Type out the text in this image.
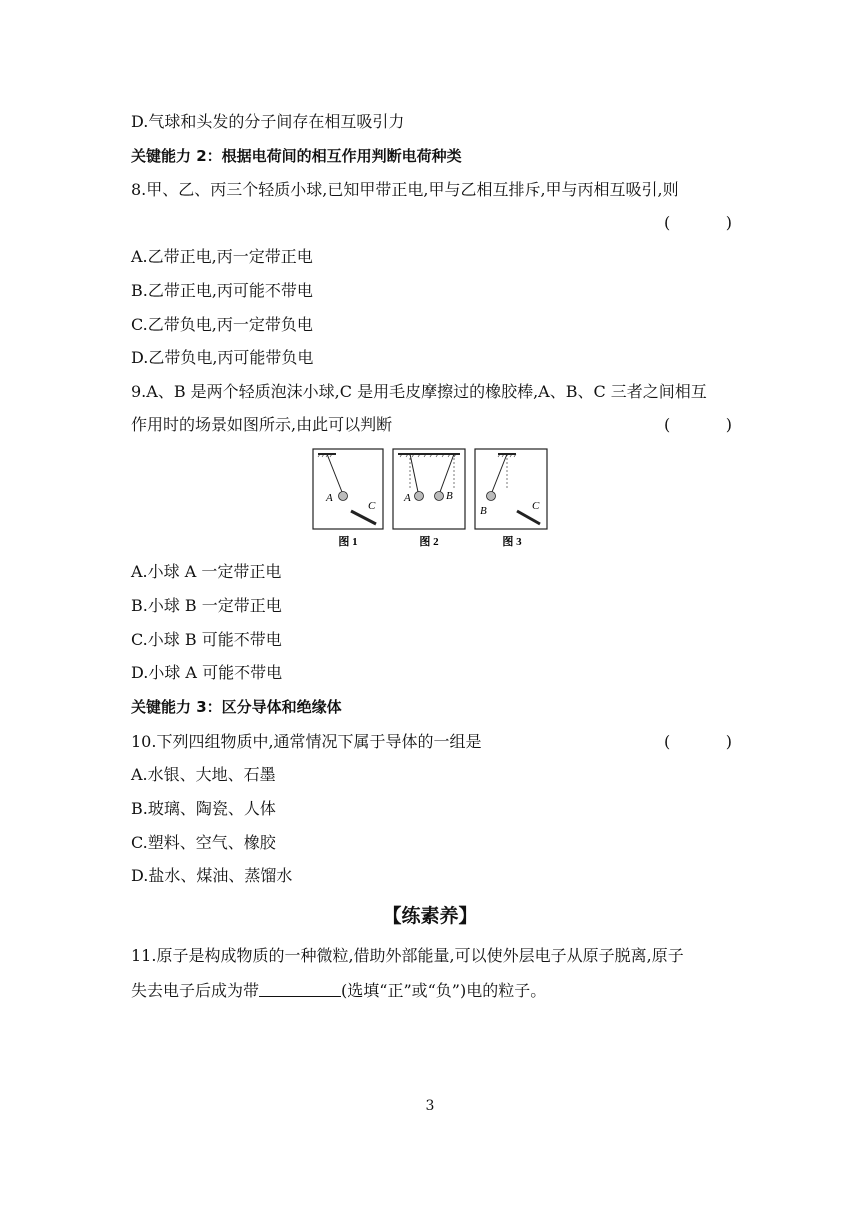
D.气球和头发的分子间存在相互吸引力
关键能力 2：根据电荷间的相互作用判断电荷种类
8.甲、乙、丙三个轻质小球,已知甲带正电,甲与乙相互排斥,甲与丙相互吸引,则
(	)
A.乙带正电,丙一定带正电
B.乙带正电,丙可能不带电
C.乙带负电,丙一定带负电
D.乙带负电,丙可能带负电
9.A、B 是两个轻质泡沫小球,C 是用毛皮摩擦过的橡胶棒,A、B、C 三者之间相互
作用时的场景如图所示,由此可以判断	(	)
A
C
图 1
A	B
图 2
B	C
图 3
A.小球 A 一定带正电
B.小球 B 一定带正电
C.小球 B 可能不带电
D.小球 A 可能不带电
关键能力 3：区分导体和绝缘体
10.下列四组物质中,通常情况下属于导体的一组是	(	)
A.水银、大地、石墨
B.玻璃、陶瓷、人体
C.塑料、空气、橡胶
D.盐水、煤油、蒸馏水
【练素养】
11.原子是构成物质的一种微粒,借助外部能量,可以使外层电子从原子脱离,原子
失去电子后成为带	(选填“正”或“负”)电的粒子。
3
